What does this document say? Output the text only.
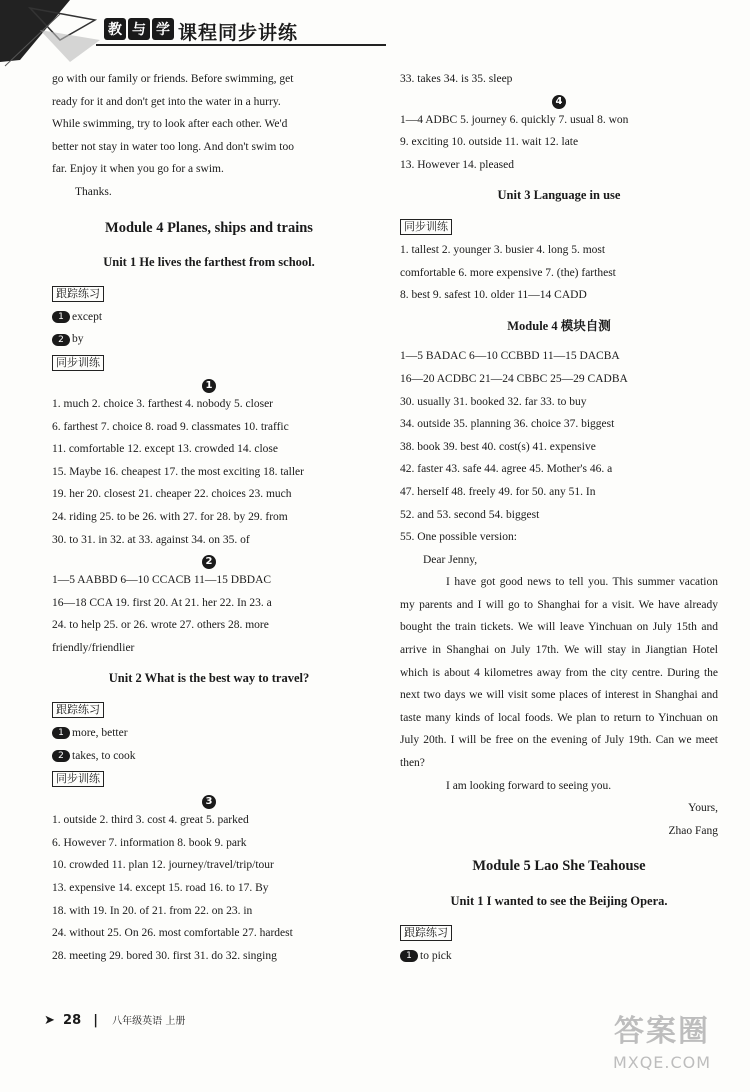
教 与 学 课程同步讲练

go with our family or friends. Before swimming, get

ready for it and don't get into the water in a hurry.

While swimming, try to look after each other. We'd

better not stay in water too long. And don't swim too

far. Enjoy it when you go for a swim.

Thanks.

Module 4 Planes, ships and trains
Unit 1 He lives the farthest from school.
跟踪练习
1 except
2 by
同步训练
1

1. much 2. choice 3. farthest 4. nobody 5. closer

6. farthest 7. choice 8. road 9. classmates 10. traffic

11. comfortable 12. except 13. crowded 14. close

15. Maybe 16. cheapest 17. the most exciting 18. taller

19. her 20. closest 21. cheaper 22. choices 23. much

24. riding 25. to be 26. with 27. for 28. by 29. from

30. to 31. in 32. at 33. against 34. on 35. of

2

1—5 AABBD 6—10 CCACB 11—15 DBDAC

16—18 CCA 19. first 20. At 21. her 22. In 23. a

24. to help 25. or 26. wrote 27. others 28. more

friendly/friendlier

Unit 2 What is the best way to travel?
跟踪练习
1 more, better
2 takes, to cook
同步训练
3

1. outside 2. third 3. cost 4. great 5. parked

6. However 7. information 8. book 9. park

10. crowded 11. plan 12. journey/travel/trip/tour

13. expensive 14. except 15. road 16. to 17. By

18. with 19. In 20. of 21. from 22. on 23. in

24. without 25. On 26. most comfortable 27. hardest

28. meeting 29. bored 30. first 31. do 32. singing

33. takes 34. is 35. sleep

4

1—4 ADBC 5. journey 6. quickly 7. usual 8. won

9. exciting 10. outside 11. wait 12. late

13. However 14. pleased

Unit 3 Language in use
同步训练

1. tallest 2. younger 3. busier 4. long 5. most

comfortable 6. more expensive 7. (the) farthest

8. best 9. safest 10. older 11—14 CADD

Module 4 模块自测

1—5 BADAC 6—10 CCBBD 11—15 DACBA

16—20 ACDBC 21—24 CBBC 25—29 CADBA

30. usually 31. booked 32. far 33. to buy

34. outside 35. planning 36. choice 37. biggest

38. book 39. best 40. cost(s) 41. expensive

42. faster 43. safe 44. agree 45. Mother's 46. a

47. herself 48. freely 49. for 50. any 51. In

52. and 53. second 54. biggest

55. One possible version:

Dear Jenny,

I have got good news to tell you. This summer vacation my parents and I will go to Shanghai for a visit. We have already bought the train tickets. We will leave Yinchuan on July 15th and arrive in Shanghai on July 17th. We will stay in Jiangtian Hotel which is about 4 kilometres away from the city centre. During the next two days we will visit some places of interest in Shanghai and taste many kinds of local foods. We plan to return to Yinchuan on July 20th. I will be free on the evening of July 19th. Can we meet then?

I am looking forward to seeing you.

Yours,

Zhao Fang

Module 5 Lao She Teahouse
Unit 1 I wanted to see the Beijing Opera.
跟踪练习
1 to pick
➤ 28 | 八年级英语 上册	答案圈
MXQE.COM
